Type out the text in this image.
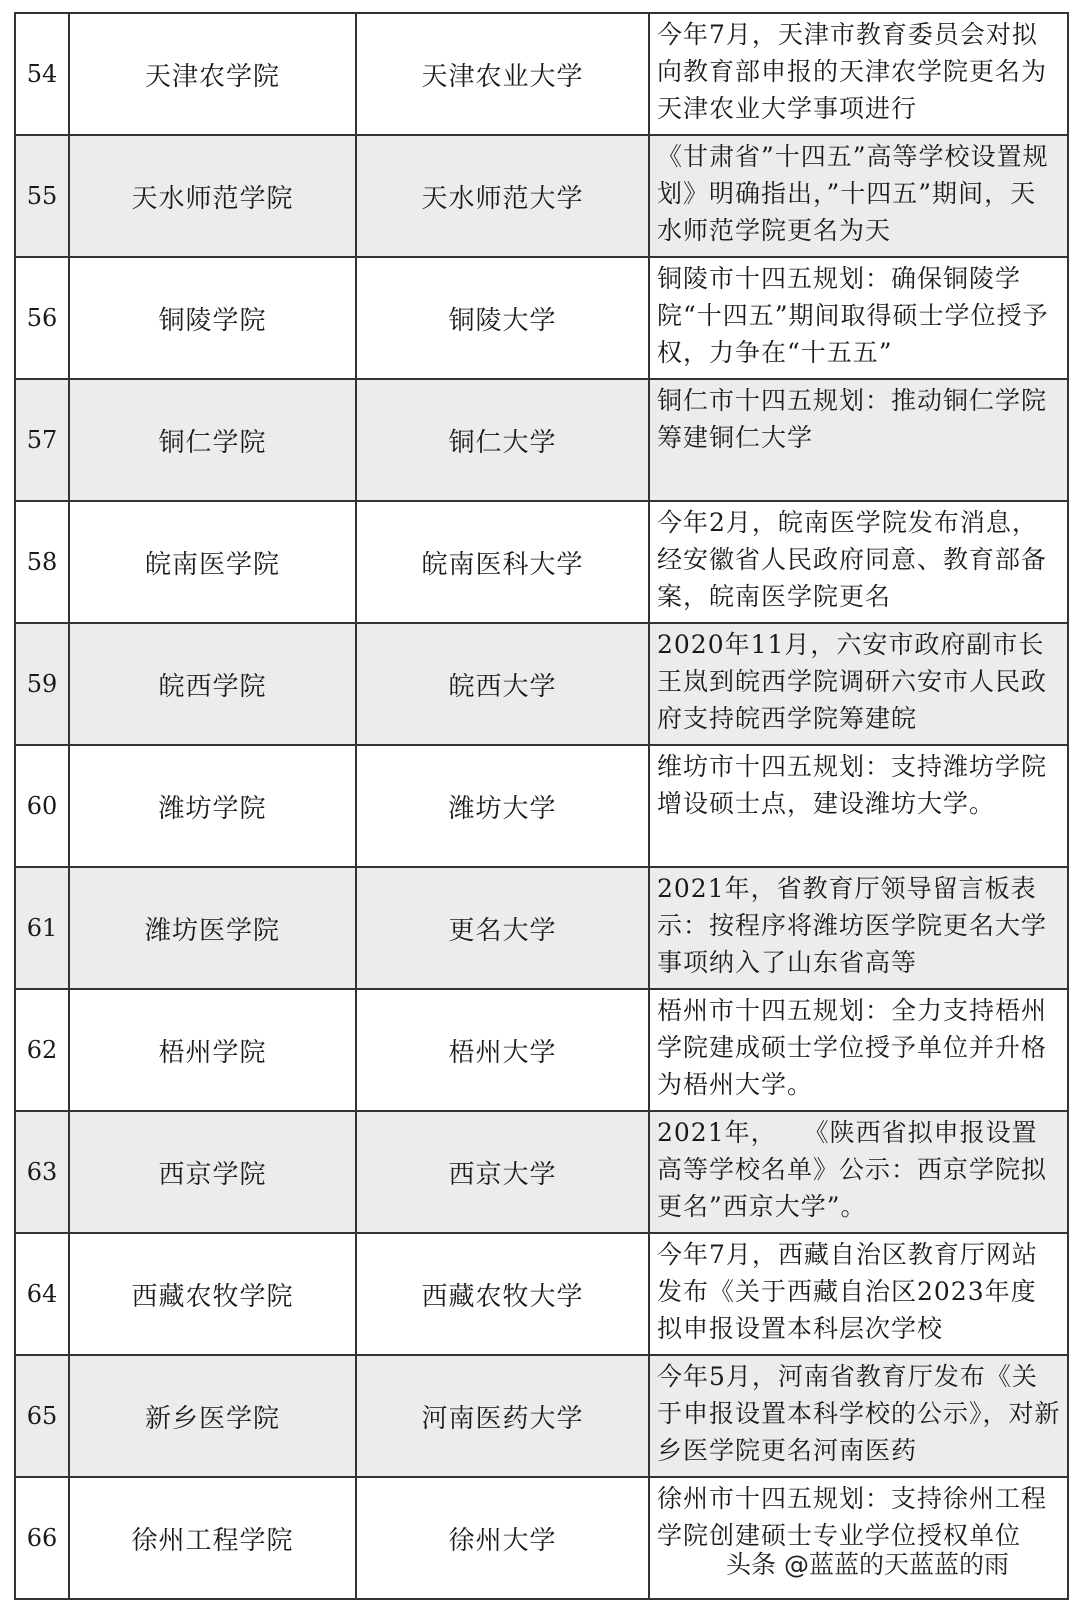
54	天津农学院	天津农业大学	今年7月，天津市教育委员会对拟向教育部申报的天津农学院更名为天津农业大学事项进行

55	天水师范学院	天水师范大学	《甘肃省”十四五”高等学校设置规划》明确指出，”十四五”期间，天水师范学院更名为天

56	铜陵学院	铜陵大学	铜陵市十四五规划：确保铜陵学院“十四五”期间取得硕士学位授予权，力争在“十五五”

57	铜仁学院	铜仁大学	铜仁市十四五规划：推动铜仁学院筹建铜仁大学

58	皖南医学院	皖南医科大学	今年2月，皖南医学院发布消息，经安徽省人民政府同意、教育部备案，皖南医学院更名

59	皖西学院	皖西大学	2020年11月，六安市政府副市长王岚到皖西学院调研六安市人民政府支持皖西学院筹建皖

60	潍坊学院	潍坊大学	维坊市十四五规划：支持潍坊学院增设硕士点，建设潍坊大学。

61	潍坊医学院	更名大学	2021年，省教育厅领导留言板表示：按程序将潍坊医学院更名大学事项纳入了山东省高等

62	梧州学院	梧州大学	梧州市十四五规划：全力支持梧州学院建成硕士学位授予单位并升格为梧州大学。

63	西京学院	西京大学	2021年，　　《陕西省拟申报设置高等学校名单》公示：西京学院拟更名”西京大学”。

64	西藏农牧学院	西藏农牧大学	今年7月，西藏自治区教育厅网站发布《关于西藏自治区2023年度拟申报设置本科层次学校

65	新乡医学院	河南医药大学	今年5月，河南省教育厅发布《关于申报设置本科学校的公示》，对新乡医学院更名河南医药

66	徐州工程学院	徐州大学	徐州市十四五规划：支持徐州工程学院创建硕士专业学位授权单位
头条 @蓝蓝的天蓝蓝的雨
